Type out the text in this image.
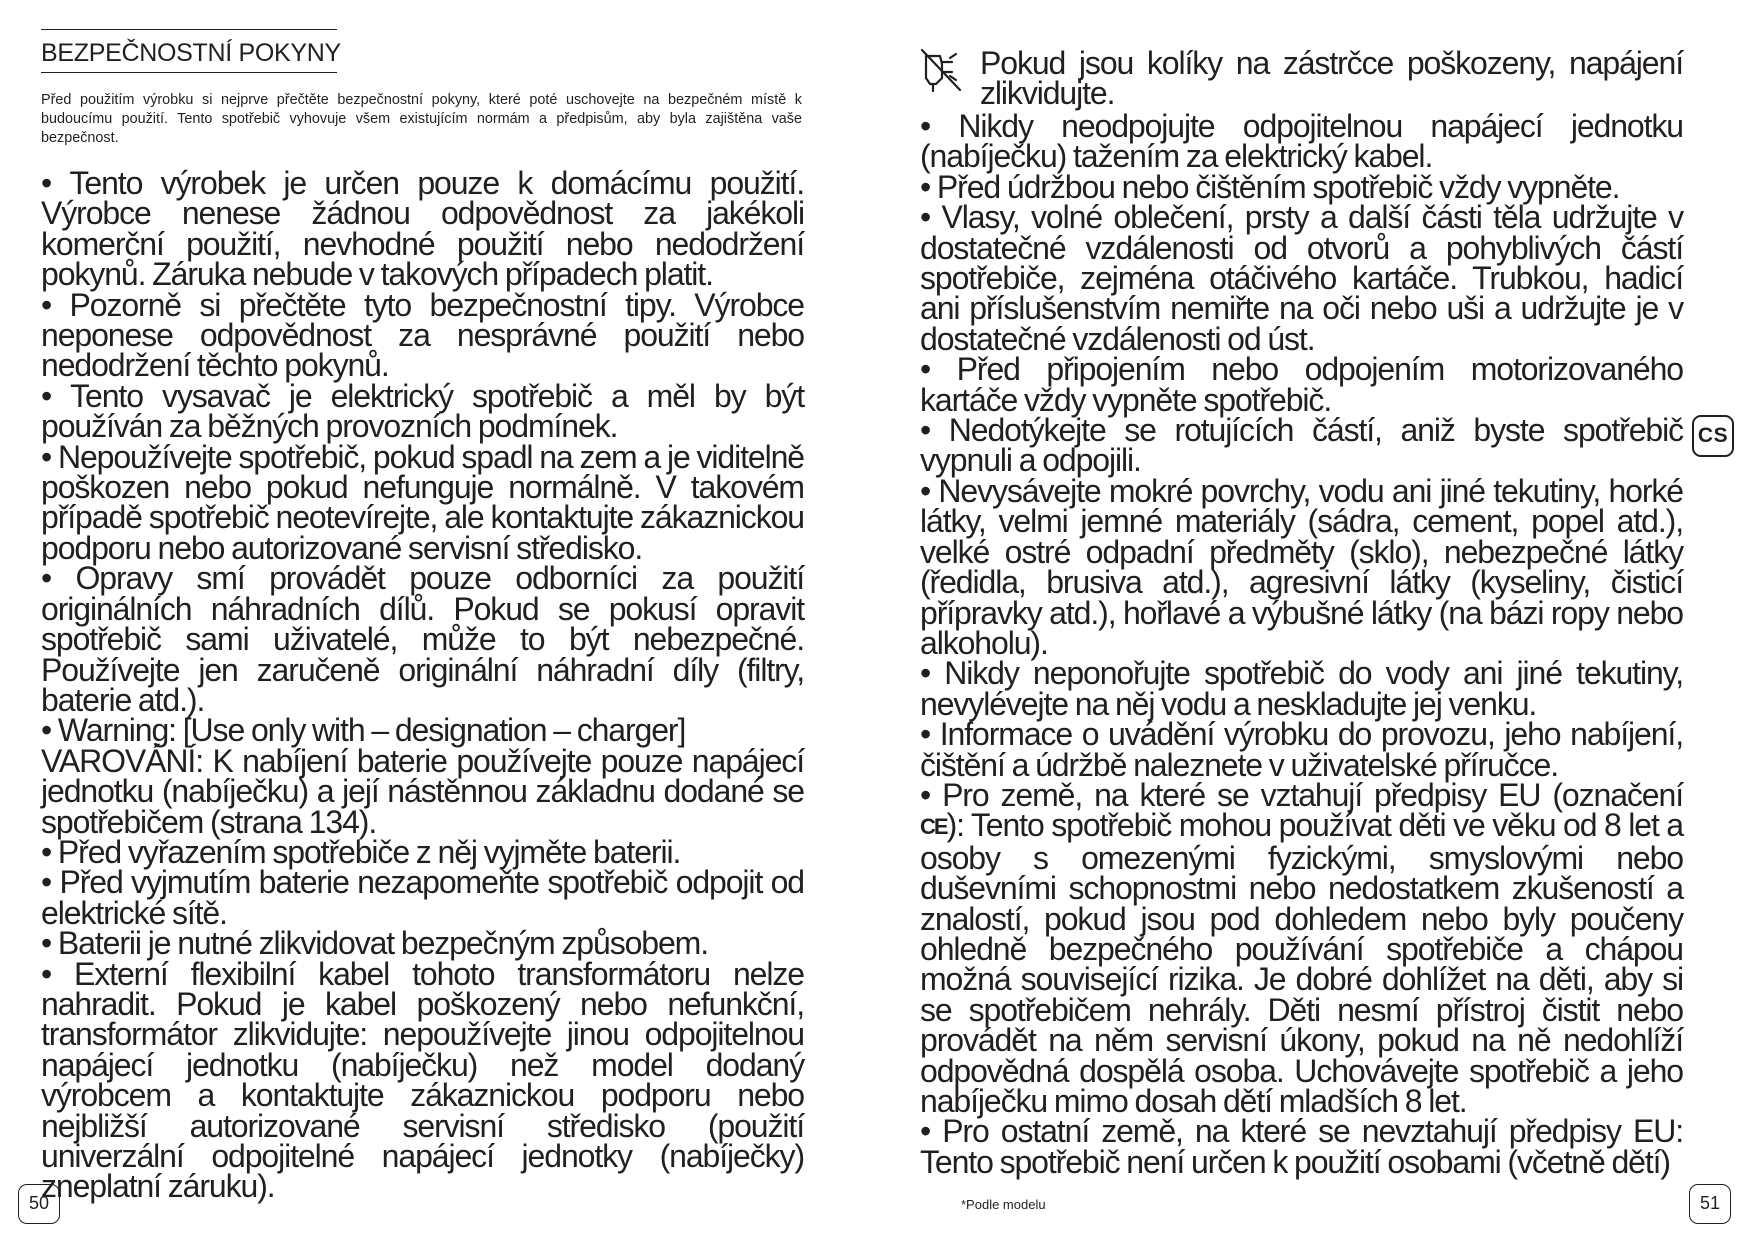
BEZPEČNOSTNÍ POKYNY
Před použitím výrobku si nejprve přečtěte bezpečnostní pokyny, které poté uschovejte na bezpečném místě k budoucímu použití. Tento spotřebič vyhovuje všem existujícím normám a předpisům, aby byla zajištěna vaše bezpečnost.

• Tento výrobek je určen pouze k domácímu použití. Výrobce nenese žádnou odpovědnost za jakékoli komerční použití, nevhodné použití nebo nedodržení pokynů. Záruka nebude v takových případech platit.

• Pozorně si přečtěte tyto bezpečnostní tipy. Výrobce neponese odpovědnost za nesprávné použití nebo nedodržení těchto pokynů.

• Tento vysavač je elektrický spotřebič a měl by být používán za běžných provozních podmínek.

• Nepoužívejte spotřebič, pokud spadl na zem a je viditelně poškozen nebo pokud nefunguje normálně. V takovém případě spotřebič neotevírejte, ale kontaktujte zákaznickou podporu nebo autorizované servisní středisko.

• Opravy smí provádět pouze odborníci za použití originálních náhradních dílů. Pokud se pokusí opravit spotřebič sami uživatelé, může to být nebezpečné. Používejte jen zaručeně originální náhradní díly (filtry, baterie atd.).

• Warning: [Use only with – designation – charger]

VAROVÁNÍ: K nabíjení baterie používejte pouze napájecí jednotku (nabíječku) a její nástěnnou základnu dodané se spotřebičem (strana 134).

• Před vyřazením spotřebiče z něj vyjměte baterii.

• Před vyjmutím baterie nezapomeňte spotřebič odpojit od elektrické sítě.

• Baterii je nutné zlikvidovat bezpečným způsobem.

• Externí flexibilní kabel tohoto transformátoru nelze nahradit. Pokud je kabel poškozený nebo nefunkční, transformátor zlikvidujte: nepoužívejte jinou odpojitelnou napájecí jednotku (nabíječku) než model dodaný výrobcem a kontaktujte zákaznickou podporu nebo nejbližší autorizované servisní středisko (použití univerzální odpojitelné napájecí jednotky (nabíječky) zneplatní záruku).

50
Pokud jsou kolíky na zástrčce poškozeny, napájení zlikvidujte.

• Nikdy neodpojujte odpojitelnou napájecí jednotku (nabíječku) tažením za elektrický kabel.

• Před údržbou nebo čištěním spotřebič vždy vypněte.

• Vlasy, volné oblečení, prsty a další části těla udržujte v dostatečné vzdálenosti od otvorů a pohyblivých částí spotřebiče, zejména otáčivého kartáče. Trubkou, hadicí ani příslušenstvím nemiřte na oči nebo uši a udržujte je v dostatečné vzdálenosti od úst.

• Před připojením nebo odpojením motorizovaného kartáče vždy vypněte spotřebič.

• Nedotýkejte se rotujících částí, aniž byste spotřebič vypnuli a odpojili.

• Nevysávejte mokré povrchy, vodu ani jiné tekutiny, horké látky, velmi jemné materiály (sádra, cement, popel atd.), velké ostré odpadní předměty (sklo), nebezpečné látky (ředidla, brusiva atd.), agresivní látky (kyseliny, čisticí přípravky atd.), hořlavé a výbušné látky (na bázi ropy nebo alkoholu).

• Nikdy neponořujte spotřebič do vody ani jiné tekutiny, nevylévejte na něj vodu a neskladujte jej venku.

• Informace o uvádění výrobku do provozu, jeho nabíjení, čištění a údržbě naleznete v uživatelské příručce.

• Pro země, na které se vztahují předpisy EU (označení CE): Tento spotřebič mohou používat děti ve věku od 8 let a osoby s omezenými fyzickými, smyslovými nebo duševními schopnostmi nebo nedostatkem zkušeností a znalostí, pokud jsou pod dohledem nebo byly poučeny ohledně bezpečného používání spotřebiče a chápou možná související rizika. Je dobré dohlížet na děti, aby si se spotřebičem nehrály. Děti nesmí přístroj čistit nebo provádět na něm servisní úkony, pokud na ně nedohlíží odpovědná dospělá osoba. Uchovávejte spotřebič a jeho nabíječku mimo dosah dětí mladších 8 let.

• Pro ostatní země, na které se nevztahují předpisy EU: Tento spotřebič není určen k použití osobami (včetně dětí)

CS
*Podle modelu	51
